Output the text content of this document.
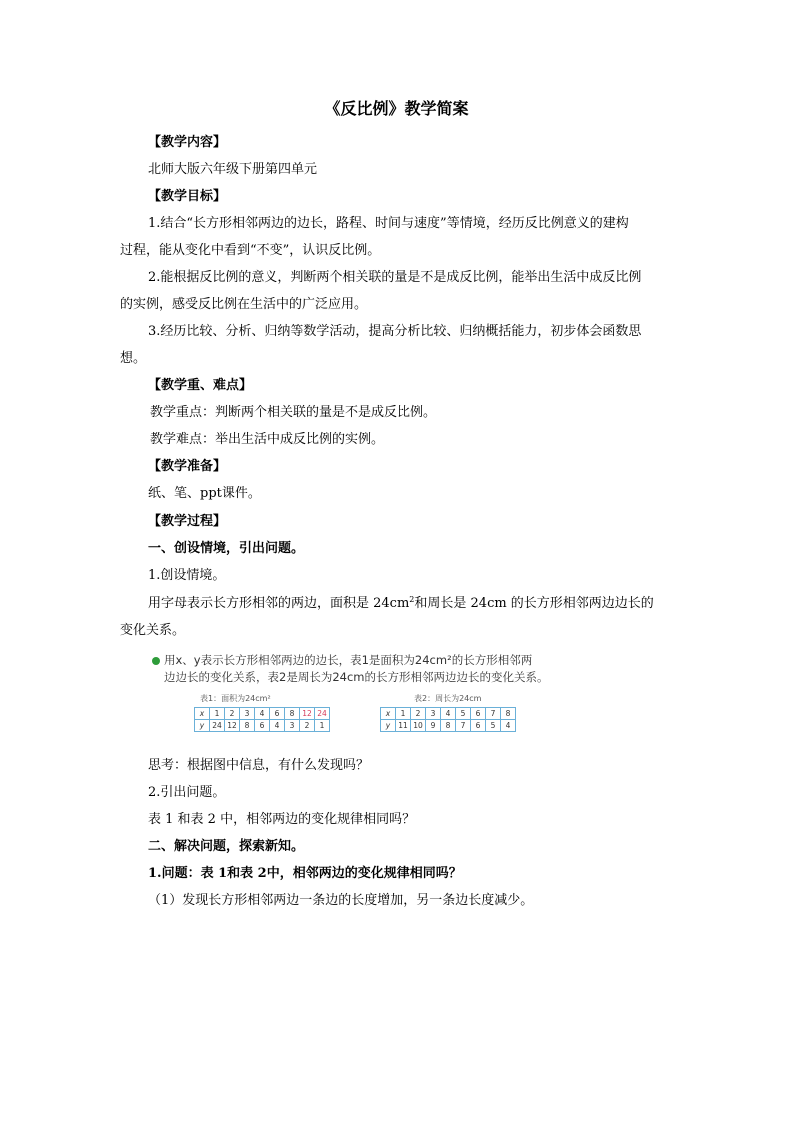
《反比例》教学简案
【教学内容】
北师大版六年级下册第四单元
【教学目标】
1.结合“长方形相邻两边的边长，路程、时间与速度”等情境，经历反比例意义的建构
过程，能从变化中看到“不变”，认识反比例。
2.能根据反比例的意义，判断两个相关联的量是不是成反比例，能举出生活中成反比例
的实例，感受反比例在生活中的广泛应用。
3.经历比较、分析、归纳等数学活动，提高分析比较、归纳概括能力，初步体会函数思
想。
【教学重、难点】
教学重点：判断两个相关联的量是不是成反比例。
教学难点：举出生活中成反比例的实例。
【教学准备】
纸、笔、ppt课件。
【教学过程】
一、创设情境，引出问题。
1.创设情境。
用字母表示长方形相邻的两边，面积是 $24cm^2$和周长是 24cm 的长方形相邻两边边长的
变化关系。
用x、y表示长方形相邻两边的边长，表1是面积为24cm²的长方形相邻两
边边长的变化关系，表2是周长为24cm的长方形相邻两边边长的变化关系。
表1：面积为24cm²
x	1	2	3	4	6	8	12	24
y	24	12	8	6	4	3	2	1
表2：周长为24cm
x	1	2	3	4	5	6	7	8
y	11	10	9	8	7	6	5	4
思考：根据图中信息，有什么发现吗？
2.引出问题。
表 1 和表 2 中，相邻两边的变化规律相同吗？
二、解决问题，探索新知。
1.问题：表 1和表 2中，相邻两边的变化规律相同吗？
（1）发现长方形相邻两边一条边的长度增加，另一条边长度减少。
